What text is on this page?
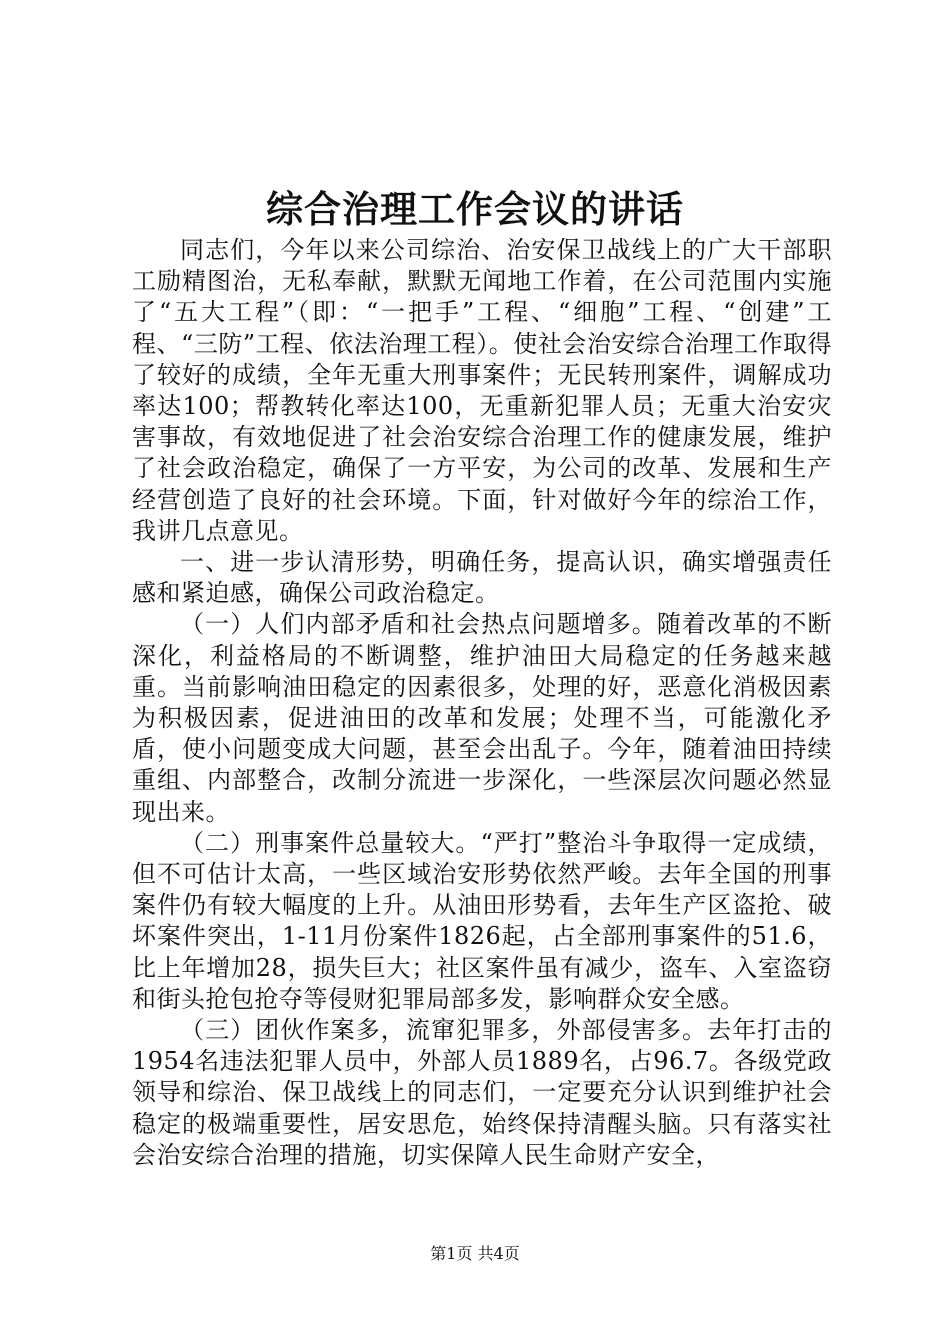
综合治理工作会议的讲话

同志们，今年以来公司综治、治安保卫战线上的广大干部职工励精图治，无私奉献，默默无闻地工作着，在公司范围内实施了“五大工程”（即：“一把手”工程、“细胞”工程、“创建”工程、“三防”工程、依法治理工程）。使社会治安综合治理工作取得了较好的成绩，全年无重大刑事案件；无民转刑案件，调解成功率达100；帮教转化率达100，无重新犯罪人员；无重大治安灾害事故，有效地促进了社会治安综合治理工作的健康发展，维护了社会政治稳定，确保了一方平安，为公司的改革、发展和生产经营创造了良好的社会环境。下面，针对做好今年的综治工作，我讲几点意见。

一、进一步认清形势，明确任务，提高认识，确实增强责任感和紧迫感，确保公司政治稳定。

（一）人们内部矛盾和社会热点问题增多。随着改革的不断深化，利益格局的不断调整，维护油田大局稳定的任务越来越重。当前影响油田稳定的因素很多，处理的好，恶意化消极因素为积极因素，促进油田的改革和发展；处理不当，可能激化矛盾，使小问题变成大问题，甚至会出乱子。今年，随着油田持续重组、内部整合，改制分流进一步深化，一些深层次问题必然显现出来。

（二）刑事案件总量较大。“严打”整治斗争取得一定成绩，但不可估计太高，一些区域治安形势依然严峻。去年全国的刑事案件仍有较大幅度的上升。从油田形势看，去年生产区盗抢、破坏案件突出，1-11月份案件1826起，占全部刑事案件的51.6，比上年增加28，损失巨大；社区案件虽有减少，盗车、入室盗窃和街头抢包抢夺等侵财犯罪局部多发，影响群众安全感。

（三）团伙作案多，流窜犯罪多，外部侵害多。去年打击的1954名违法犯罪人员中，外部人员1889名，占96.7。各级党政领导和综治、保卫战线上的同志们，一定要充分认识到维护社会稳定的极端重要性，居安思危，始终保持清醒头脑。只有落实社会治安综合治理的措施，切实保障人民生命财产安全，

第1页 共4页
